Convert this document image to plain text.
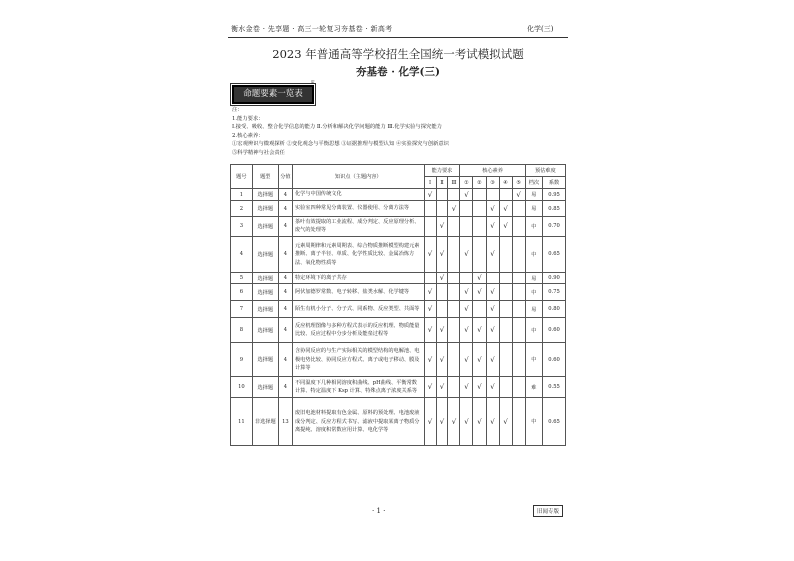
衡水金卷 · 先享题 · 高三一轮复习夯基卷 · 新高考	化学(三)
2023 年普通高等学校招生全国统一考试模拟试题
夯基卷 · 化学(三)
命题要素一览表
E
注：
1.能力要求：
Ⅰ.接受、吸收、整合化学信息的能力 Ⅱ.分析和解决化学问题的能力 Ⅲ.化学实验与探究能力
2.核心素养：
①宏观辨识与微观探析 ②变化观念与平衡思想 ③证据推理与模型认知 ④实验探究与创新意识
⑤科学精神与社会责任
题号	题型	分值	知识点（主题内容）	能力要求			核心素养					预估难度	
				Ⅰ	Ⅱ	Ⅲ	①	②	③	④	⑤	档次	系数
1	选择题	4	化学与中国传统文化	√			√				√	易	0.95
2	选择题	4	实验室四种常见分离装置、仪器使用、分离方法等			√			√	√		易	0.85
3	选择题	4	茶叶有效提取的工业流程、成分判定、反应原理分析、废气的处理等		√				√	√		中	0.70
4	选择题	4	元素周期律和元素周期表、综合物质推断模型构建元素推断、离子半径、单质、化学性质比较、金属冶炼方法、氧化物性质等	√	√		√		√			中	0.65
5	选择题	4	特定环境下的离子共存		√			√				易	0.90
6	选择题	4	阿伏加德罗常数、电子转移、盐类水解、化学键等	√			√	√	√			中	0.75
7	选择题	4	陌生有机小分子、分子式、同系物、反应类型、共面等	√			√		√			易	0.80
8	选择题	4	反应机理图像与多种方程式表示的反应机理、物质能量比较、反应过程中分步分析及能垒过程等	√	√		√	√	√			中	0.60
9	选择题	4	含协同反应的与生产实际相关的模型结构的电解池、电极电势比较、协同反应方程式、离子或电子移动、膜及计算等	√	√		√	√	√			中	0.60
10	选择题	4	不同温度下几种相同溶度积曲线、pH曲线、平衡常数计算、特定温度下 Ksp 计算、特殊点离子浓度关系等	√	√		√	√	√			难	0.55
11	非选择题	13	废旧电池材料提取有色金属、原料的预处理、电池废液成分判定、反应方程式书写、滤液中提取某离子物质分离提纯、溶度积常数应用计算、电化学等	√	√	√	√	√	√	√		中	0.65
· 1 ·	旧闻专版
